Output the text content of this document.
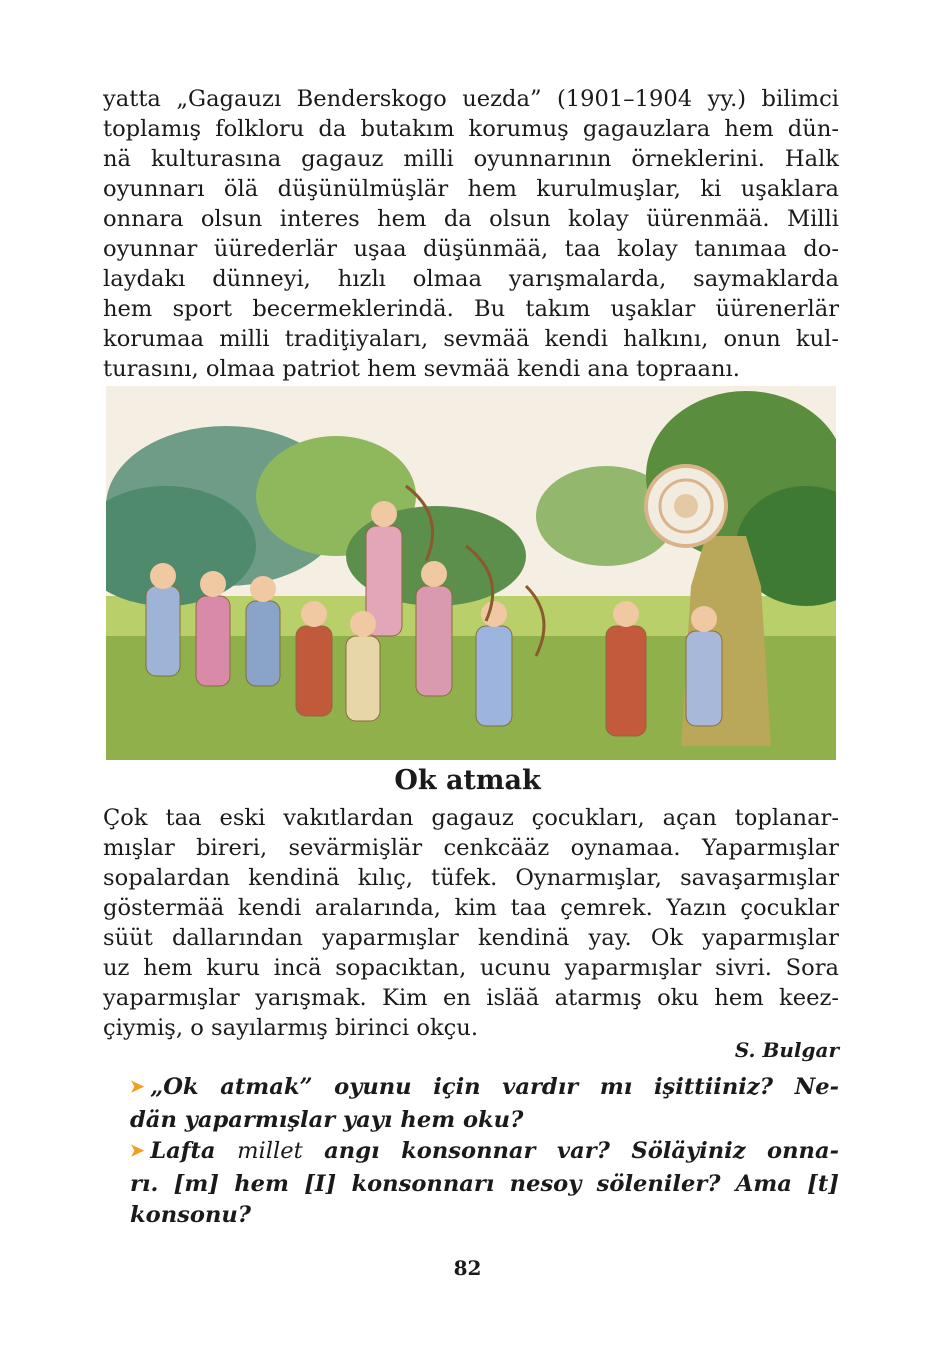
yatta „Gagauzı Benderskogo uezda” (1901–1904 yy.) bilimci
toplamış folkloru da butakım korumuş gagauzlara hem dün-
nä kulturasına gagauz milli oyunnarının örneklerini. Halk
oyunnarı ölä düşünülmüşlär hem kurulmuşlar, ki uşaklara
onnara olsun interes hem da olsun kolay üürenmää. Milli
oyunnar üürederlär uşaa düşünmää, taa kolay tanımaa do-
laydakı dünneyi, hızlı olmaa yarışmalarda, saymaklarda
hem sport becermeklerindä. Bu takım uşaklar üürenerlär
korumaa milli tradiţiyaları, sevmää kendi halkını, onun kul-
turasını, olmaa patriot hem sevmää kendi ana topraanı.
Ok atmak
Çok taa eski vakıtlardan gagauz çocukları, açan toplanar-
mışlar bireri, sevärmişlär cenkcääz oynamaa. Yaparmışlar
sopalardan kendinä kılıç, tüfek. Oynarmışlar, savaşarmışlar
göstermää kendi aralarında, kim taa çemrek. Yazın çocuklar
süüt dallarından yaparmışlar kendinä yay. Ok yaparmışlar
uz hem kuru incä sopacıktan, ucunu yaparmışlar sivri. Sora
yaparmışlar yarışmak. Kim en isläă atarmış oku hem keez-
çiymiş, o sayılarmış birinci okçu.

S. Bulgar

➤ „Ok atmak” oyunu için vardır mı işittiiniz? Ne-
dän yaparmışlar yayı hem oku?
➤ Lafta millet angı konsonnar var? Söläyiniz onna-
rı. [m] hem [I] konsonnarı nesoy söleniler? Ama [t]
konsonu?

82
